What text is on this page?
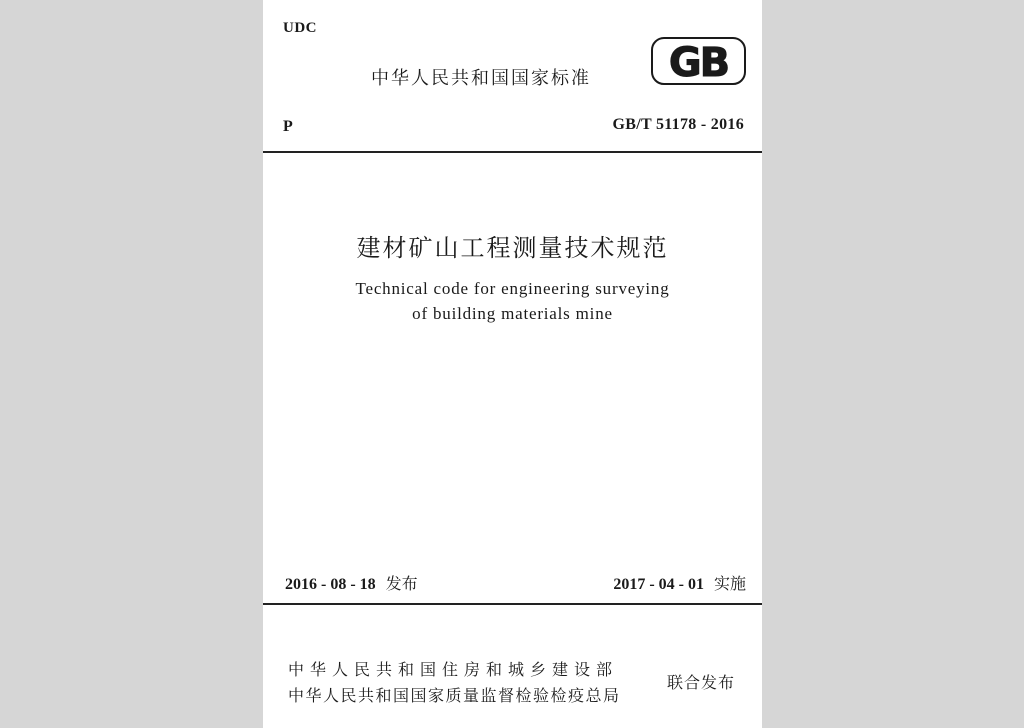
UDC
中华人民共和国国家标准 GB
P	GB/T 51178 - 2016
建材矿山工程测量技术规范
Technical code for engineering surveying
of building materials mine
2016 - 08 - 18 发布	2017 - 04 - 01 实施
中华人民共和国住房和城乡建设部
中华人民共和国国家质量监督检验检疫总局
联合发布
